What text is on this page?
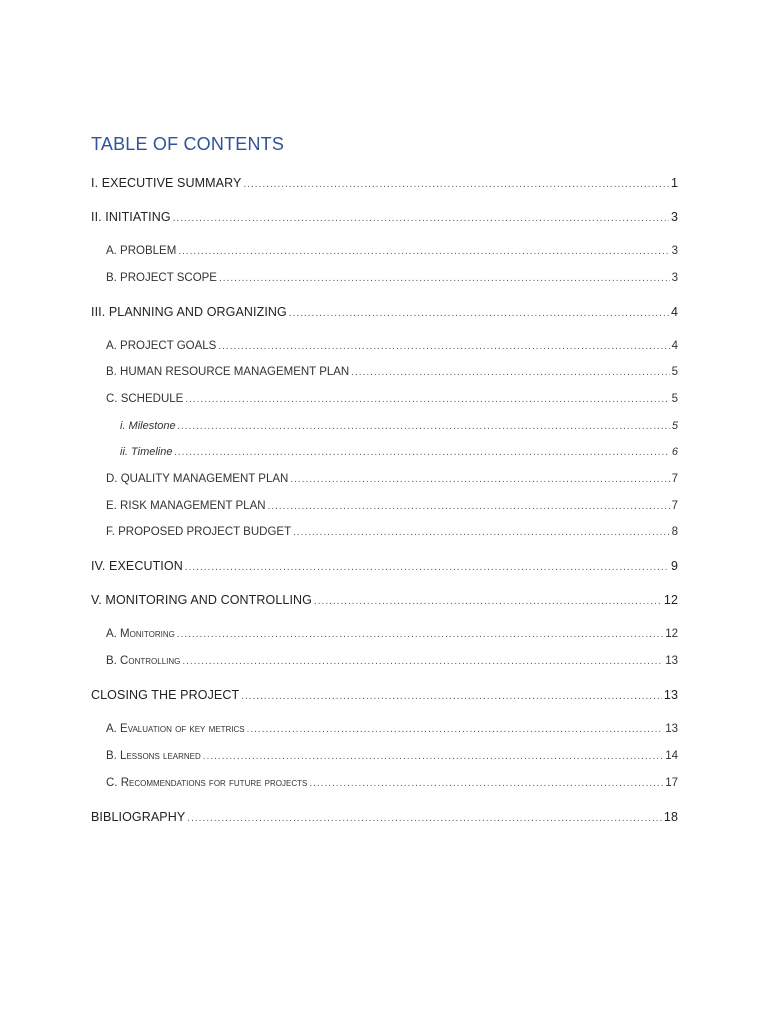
TABLE OF CONTENTS
I. EXECUTIVE SUMMARY .....	1
II. INITIATING .....	3
A. PROBLEM .....	3
B. PROJECT SCOPE .....	3
III. PLANNING AND ORGANIZING .....	4
A. PROJECT GOALS .....	4
B. HUMAN RESOURCE MANAGEMENT PLAN .....	5
C. SCHEDULE .....	5
i. Milestone .....	5
ii. Timeline .....	6
D. QUALITY MANAGEMENT PLAN .....	7
E. RISK MANAGEMENT PLAN .....	7
F. PROPOSED PROJECT BUDGET .....	8
IV. EXECUTION .....	9
V. MONITORING AND CONTROLLING .....	12
A. Monitoring .....	12
B. Controlling .....	13
CLOSING THE PROJECT .....	13
A. Evaluation of key metrics .....	13
B. Lessons learned .....	14
C. Recommendations for future projects .....	17
BIBLIOGRAPHY .....	18
